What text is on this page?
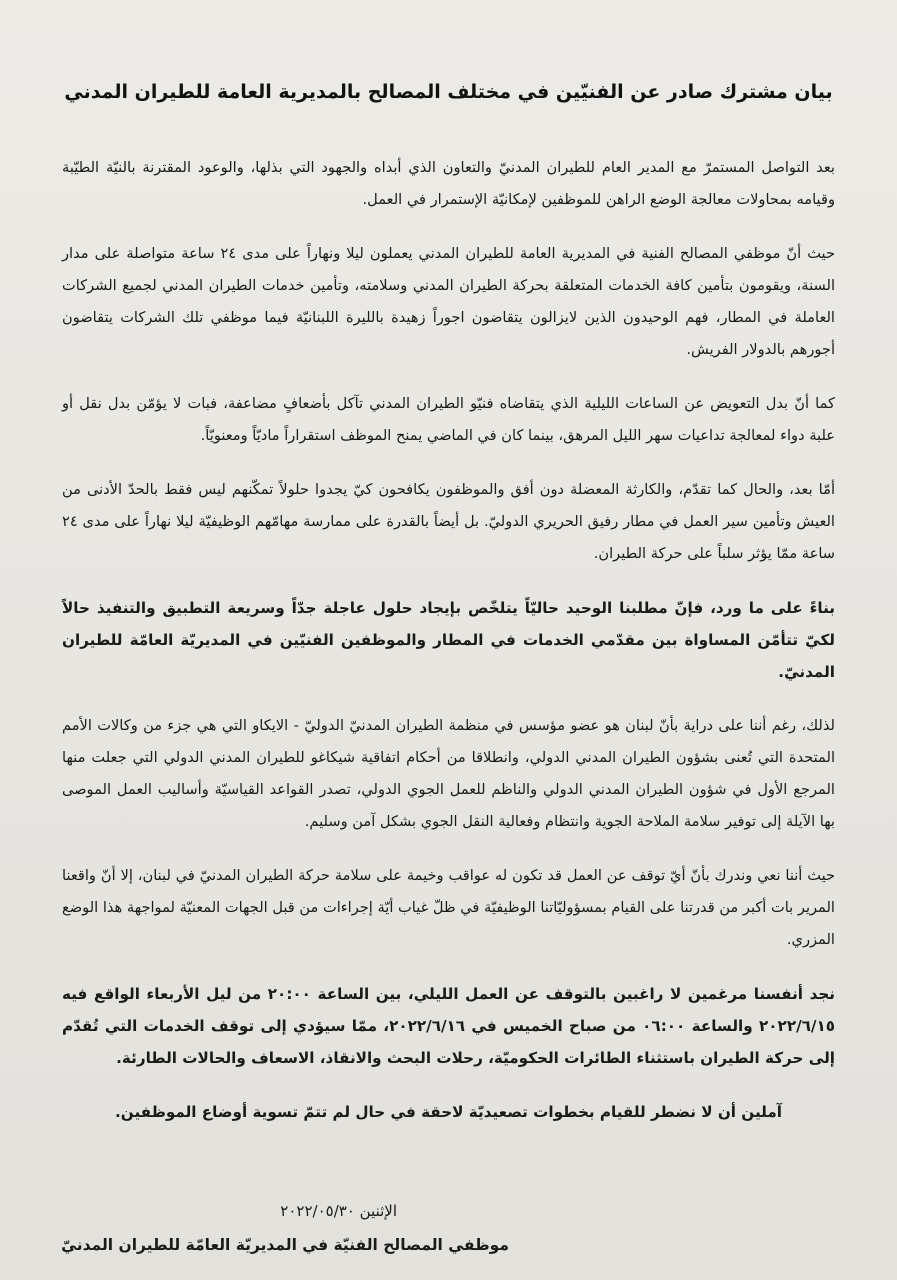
بيان مشترك صادر عن الفنيّين في مختلف المصالح بالمديرية العامة للطيران المدني

بعد التواصل المستمرّ مع المدير العام للطيران المدنيّ والتعاون الذي أبداه والجهود التي بذلها، والوعود المقترنة بالنيّة الطيّبة وقيامه بمحاولات معالجة الوضع الراهن للموظفين لإمكانيّة الإستمرار في العمل.

حيث أنّ موظفي المصالح الفنية في المديرية العامة للطيران المدني يعملون ليلا ونهاراً على مدى ٢٤ ساعة متواصلة على مدار السنة، ويقومون بتأمين كافة الخدمات المتعلقة بحركة الطيران المدني وسلامته، وتأمين خدمات الطيران المدني لجميع الشركات العاملة في المطار، فهم الوحيدون الذين لايزالون يتقاضون اجوراً زهيدة بالليرة اللبنانيّة فيما موظفي تلك الشركات يتقاضون أجورهم بالدولار الفريش.

كما أنّ بدل التعويض عن الساعات الليلية الذي يتقاضاه فنيّو الطيران المدني تآكل بأضعافٍ مضاعفة، فبات لا يؤمّن بدل نقل أو علبة دواء لمعالجة تداعيات سهر الليل المرهق، بينما كان في الماضي يمنح الموظف استقراراً ماديّاً ومعنويّاً.

أمّا بعد، والحال كما تقدّم، والكارثة المعضلة دون أفق والموظفون يكافحون كيّ يجدوا حلولاً تمكّنهم ليس فقط بالحدّ الأدنى من العيش وتأمين سير العمل في مطار رفيق الحريري الدوليّ. بل أيضاً بالقدرة على ممارسة مهامّهم الوظيفيّة ليلا نهاراً على مدى ٢٤ ساعة ممّا يؤثر سلباً على حركة الطيران.

بناءً على ما ورد، فإنّ مطلبنا الوحيد حاليّاً يتلخّص بإيجاد حلول عاجلة جدّاً وسريعة التطبيق والتنفيذ حالاً لكيّ تتأمّن المساواة بين مقدّمي الخدمات في المطار والموظفين الفنيّين في المديريّة العامّة للطيران المدنيّ.

لذلك، رغم أننا على دراية بأنّ لبنان هو عضو مؤسس في منظمة الطيران المدنيّ الدوليّ - الايكاو التي هي جزء من وكالات الأمم المتحدة التي تُعنى بشؤون الطيران المدني الدولي، وانطلاقا من أحكام اتفاقية شيكاغو للطيران المدني الدولي التي جعلت منها المرجع الأول في شؤون الطيران المدني الدولي والناظم للعمل الجوي الدولي، تصدر القواعد القياسيّة وأساليب العمل الموصى بها الآيلة إلى توفير سلامة الملاحة الجوية وانتظام وفعالية النقل الجوي بشكل آمن وسليم.

حيث أننا نعي وندرك بأنّ أيّ توقف عن العمل قد تكون له عواقب وخيمة على سلامة حركة الطيران المدنيّ في لبنان، إلا أنّ واقعنا المرير بات أكبر من قدرتنا على القيام بمسؤوليّاتنا الوظيفيّة في ظلّ غياب أيّة إجراءات من قبل الجهات المعنيّة لمواجهة هذا الوضع المزري.

نجد أنفسنا مرغمين لا راغبين بالتوقف عن العمل الليلي، بين الساعة ٢٠:٠٠ من ليل الأربعاء الواقع فيه ٢٠٢٢/٦/١٥ والساعة ٠٦:٠٠ من صباح الخميس في ٢٠٢٢/٦/١٦، ممّا سيؤدي إلى توقف الخدمات التي تُقدّم إلى حركة الطيران باستثناء الطائرات الحكوميّة، رحلات البحث والانقاذ، الاسعاف والحالات الطارئة.

آملين أن لا نضطر للقيام بخطوات تصعيديّة لاحقة في حال لم تتمّ تسوية أوضاع الموظفين.

الإثنين ٢٠٢٢/٠٥/٣٠
موظفي المصالح الفنيّة في المديريّة العامّة للطيران المدنيّ
